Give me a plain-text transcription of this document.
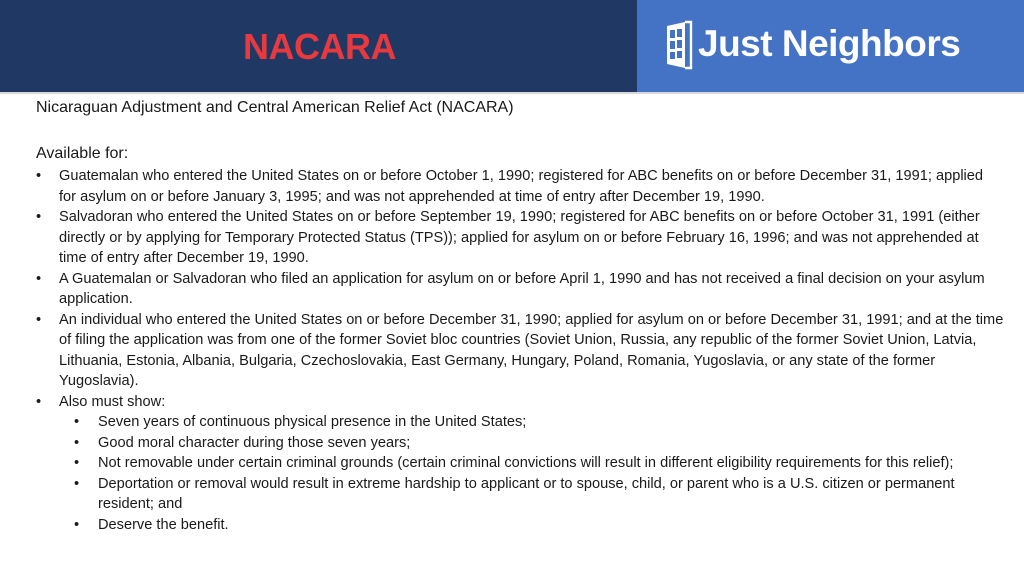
NACARA	Just Neighbors

Nicaraguan Adjustment and Central American Relief Act (NACARA)

Available for:

• Guatemalan who entered the United States on or before October 1, 1990; registered for ABC benefits on or before December 31, 1991; applied for asylum on or before January 3, 1995; and was not apprehended at time of entry after December 19, 1990.
• Salvadoran who entered the United States on or before September 19, 1990; registered for ABC benefits on or before October 31, 1991 (either directly or by applying for Temporary Protected Status (TPS)); applied for asylum on or before February 16, 1996; and was not apprehended at time of entry after December 19, 1990.
• A Guatemalan or Salvadoran who filed an application for asylum on or before April 1, 1990 and has not received a final decision on your asylum application.
• An individual who entered the United States on or before December 31, 1990; applied for asylum on or before December 31, 1991; and at the time of filing the application was from one of the former Soviet bloc countries (Soviet Union, Russia, any republic of the former Soviet Union, Latvia, Lithuania, Estonia, Albania, Bulgaria, Czechoslovakia, East Germany, Hungary, Poland, Romania, Yugoslavia, or any state of the former Yugoslavia).
• Also must show:
• Seven years of continuous physical presence in the United States;
• Good moral character during those seven years;
• Not removable under certain criminal grounds (certain criminal convictions will result in different eligibility requirements for this relief);
• Deportation or removal would result in extreme hardship to applicant or to spouse, child, or parent who is a U.S. citizen or permanent resident; and
• Deserve the benefit.
